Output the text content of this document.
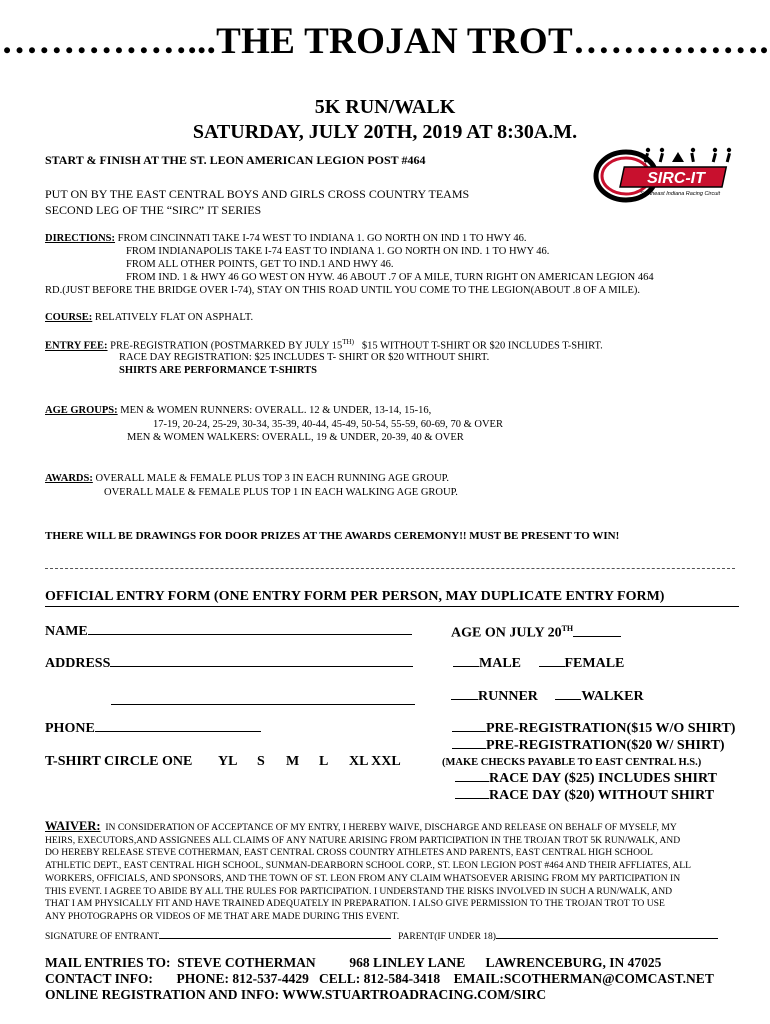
……………...THE TROJAN TROT…………….
5K RUN/WALK
SATURDAY, JULY 20TH, 2019 AT 8:30A.M.
SIRC-IT
Southeast Indiana Racing Circuit
START & FINISH AT THE ST. LEON AMERICAN LEGION POST #464
PUT ON BY THE EAST CENTRAL BOYS AND GIRLS CROSS COUNTRY TEAMS
SECOND LEG OF THE “SIRC” IT SERIES
DIRECTIONS: FROM CINCINNATI TAKE I-74 WEST TO INDIANA 1. GO NORTH ON IND 1 TO HWY 46.
FROM INDIANAPOLIS TAKE I-74 EAST TO INDIANA 1. GO NORTH ON IND. 1 TO HWY 46.
FROM ALL OTHER POINTS, GET TO IND.1 AND HWY 46.
FROM IND. 1 & HWY 46 GO WEST ON HYW. 46 ABOUT .7 OF A MILE, TURN RIGHT ON AMERICAN LEGION 464
RD.(JUST BEFORE THE BRIDGE OVER I-74), STAY ON THIS ROAD UNTIL YOU COME TO THE LEGION(ABOUT .8 OF A MILE).
COURSE: RELATIVELY FLAT ON ASPHALT.
ENTRY FEE: PRE-REGISTRATION (POSTMARKED BY JULY $15^{TH)}$ $15 WITHOUT T-SHIRT OR $20 INCLUDES T-SHIRT.
RACE DAY REGISTRATION: $25 INCLUDES T- SHIRT OR $20 WITHOUT SHIRT.
SHIRTS ARE PERFORMANCE T-SHIRTS
AGE GROUPS: MEN & WOMEN RUNNERS: OVERALL. 12 & UNDER, 13-14, 15-16,
17-19, 20-24, 25-29, 30-34, 35-39, 40-44, 45-49, 50-54, 55-59, 60-69, 70 & OVER
MEN & WOMEN WALKERS: OVERALL, 19 & UNDER, 20-39, 40 & OVER
AWARDS: OVERALL MALE & FEMALE PLUS TOP 3 IN EACH RUNNING AGE GROUP.
OVERALL MALE & FEMALE PLUS TOP 1 IN EACH WALKING AGE GROUP.
THERE WILL BE DRAWINGS FOR DOOR PRIZES AT THE AWARDS CEREMONY!! MUST BE PRESENT TO WIN!
OFFICIAL ENTRY FORM (ONE ENTRY FORM PER PERSON, MAY DUPLICATE ENTRY FORM)
NAME	AGE ON JULY 20TH
ADDRESS	MALE	FEMALE
RUNNER	WALKER
PHONE	PRE-REGISTRATION($15 W/O SHIRT)
PRE-REGISTRATION($20 W/ SHIRT)
T-SHIRT CIRCLE ONE YL S M L XL XXL	(MAKE CHECKS PAYABLE TO EAST CENTRAL H.S.)
RACE DAY ($25) INCLUDES SHIRT
RACE DAY ($20) WITHOUT SHIRT
WAIVER: IN CONSIDERATION OF ACCEPTANCE OF MY ENTRY, I HEREBY WAIVE, DISCHARGE AND RELEASE ON BEHALF OF MYSELF, MY
HEIRS, EXECUTORS,AND ASSIGNEES ALL CLAIMS OF ANY NATURE ARISING FROM PARTICIPATION IN THE TROJAN TROT 5K RUN/WALK, AND
DO HEREBY RELEASE STEVE COTHERMAN, EAST CENTRAL CROSS COUNTRY ATHLETES AND PARENTS, EAST CENTRAL HIGH SCHOOL
ATHLETIC DEPT., EAST CENTRAL HIGH SCHOOL, SUNMAN-DEARBORN SCHOOL CORP., ST. LEON LEGION POST #464 AND THEIR AFFLIATES, ALL
WORKERS, OFFICIALS, AND SPONSORS, AND THE TOWN OF ST. LEON FROM ANY CLAIM WHATSOEVER ARISING FROM MY PARTICIPATION IN
THIS EVENT. I AGREE TO ABIDE BY ALL THE RULES FOR PARTICIPATION. I UNDERSTAND THE RISKS INVOLVED IN SUCH A RUN/WALK, AND
THAT I AM PHYSICALLY FIT AND HAVE TRAINED ADEQUATELY IN PREPARATION. I ALSO GIVE PERMISSION TO THE TROJAN TROT TO USE
ANY PHOTOGRAPHS OR VIDEOS OF ME THAT ARE MADE DURING THIS EVENT.
SIGNATURE OF ENTRANT	PARENT(IF UNDER 18)
MAIL ENTRIES TO:  STEVE COTHERMAN          968 LINLEY LANE      LAWRENCEBURG, IN 47025
CONTACT INFO:       PHONE: 812-537-4429   CELL: 812-584-3418    EMAIL:SCOTHERMAN@COMCAST.NET
ONLINE REGISTRATION AND INFO: WWW.STUARTROADRACING.COM/SIRC
